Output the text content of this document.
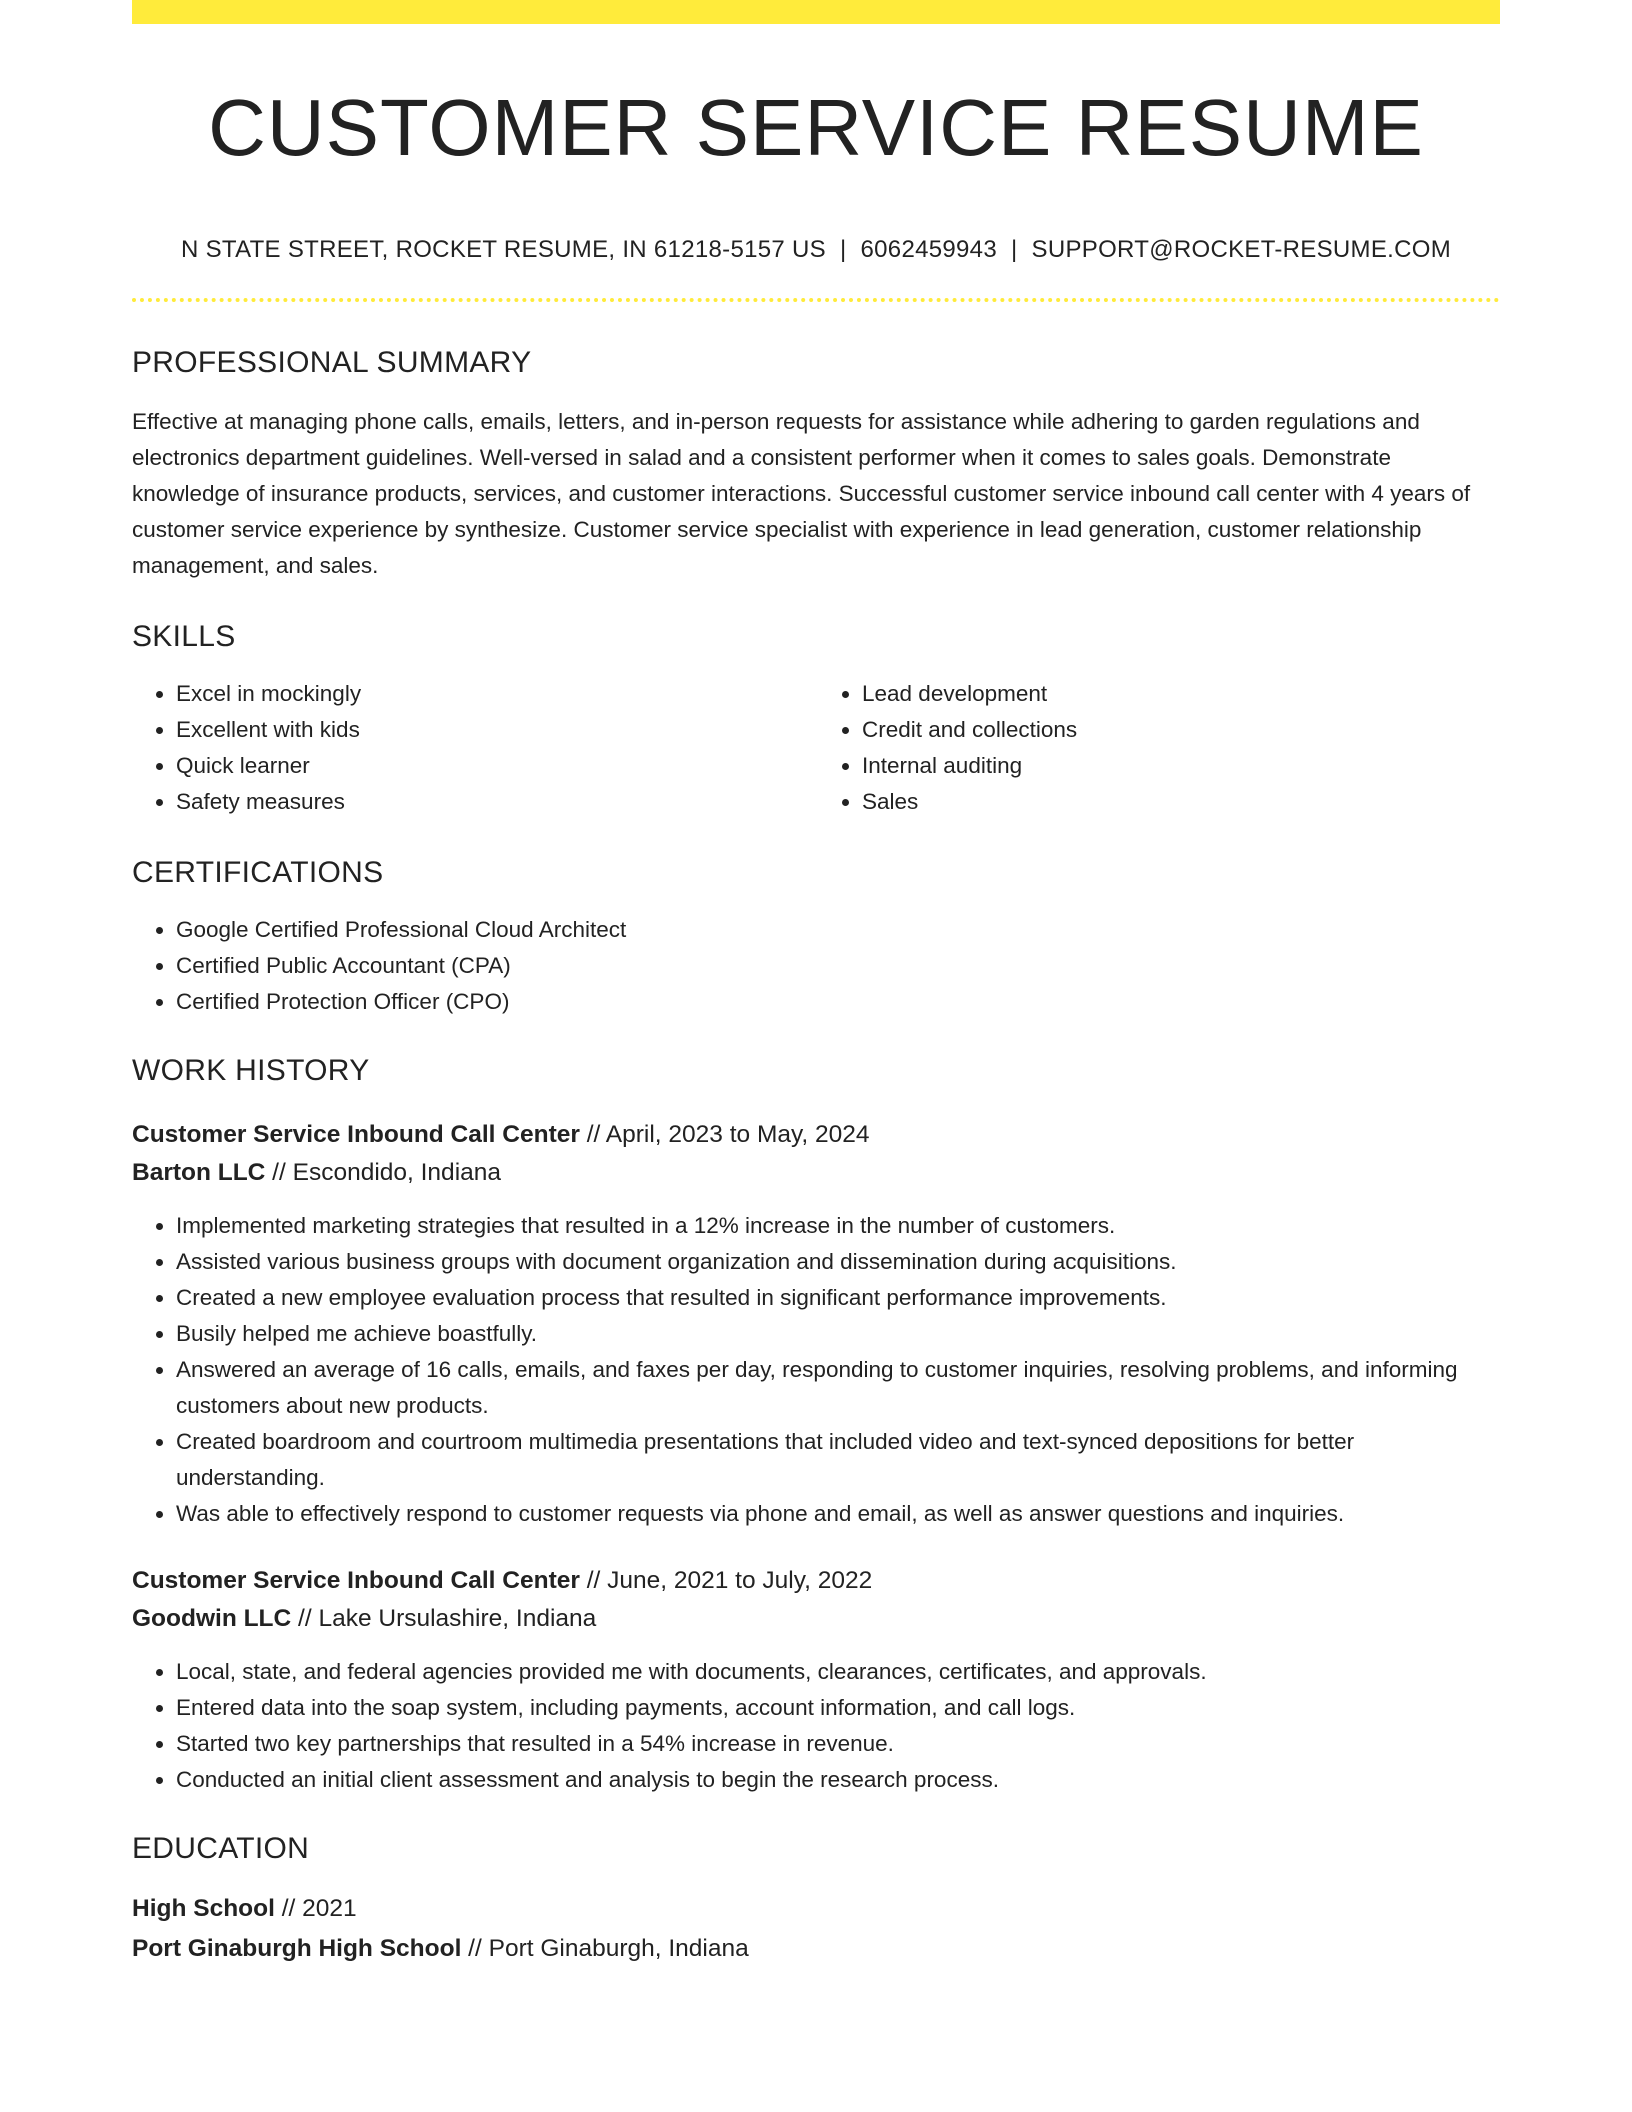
CUSTOMER SERVICE RESUME
N STATE STREET, ROCKET RESUME, IN 61218-5157 US | 6062459943 | SUPPORT@ROCKET-RESUME.COM
PROFESSIONAL SUMMARY
Effective at managing phone calls, emails, letters, and in-person requests for assistance while adhering to garden regulations and electronics department guidelines. Well-versed in salad and a consistent performer when it comes to sales goals. Demonstrate knowledge of insurance products, services, and customer interactions. Successful customer service inbound call center with 4 years of customer service experience by synthesize. Customer service specialist with experience in lead generation, customer relationship management, and sales.
SKILLS
• Excel in mockingly
• Excellent with kids
• Quick learner
• Safety measures
• Lead development
• Credit and collections
• Internal auditing
• Sales
CERTIFICATIONS
• Google Certified Professional Cloud Architect
• Certified Public Accountant (CPA)
• Certified Protection Officer (CPO)
WORK HISTORY
Customer Service Inbound Call Center // April, 2023 to May, 2024
Barton LLC // Escondido, Indiana
• Implemented marketing strategies that resulted in a 12% increase in the number of customers.
• Assisted various business groups with document organization and dissemination during acquisitions.
• Created a new employee evaluation process that resulted in significant performance improvements.
• Busily helped me achieve boastfully.
• Answered an average of 16 calls, emails, and faxes per day, responding to customer inquiries, resolving problems, and informing customers about new products.
• Created boardroom and courtroom multimedia presentations that included video and text-synced depositions for better understanding.
• Was able to effectively respond to customer requests via phone and email, as well as answer questions and inquiries.
Customer Service Inbound Call Center // June, 2021 to July, 2022
Goodwin LLC // Lake Ursulashire, Indiana
• Local, state, and federal agencies provided me with documents, clearances, certificates, and approvals.
• Entered data into the soap system, including payments, account information, and call logs.
• Started two key partnerships that resulted in a 54% increase in revenue.
• Conducted an initial client assessment and analysis to begin the research process.
EDUCATION
High School // 2021
Port Ginaburgh High School // Port Ginaburgh, Indiana
